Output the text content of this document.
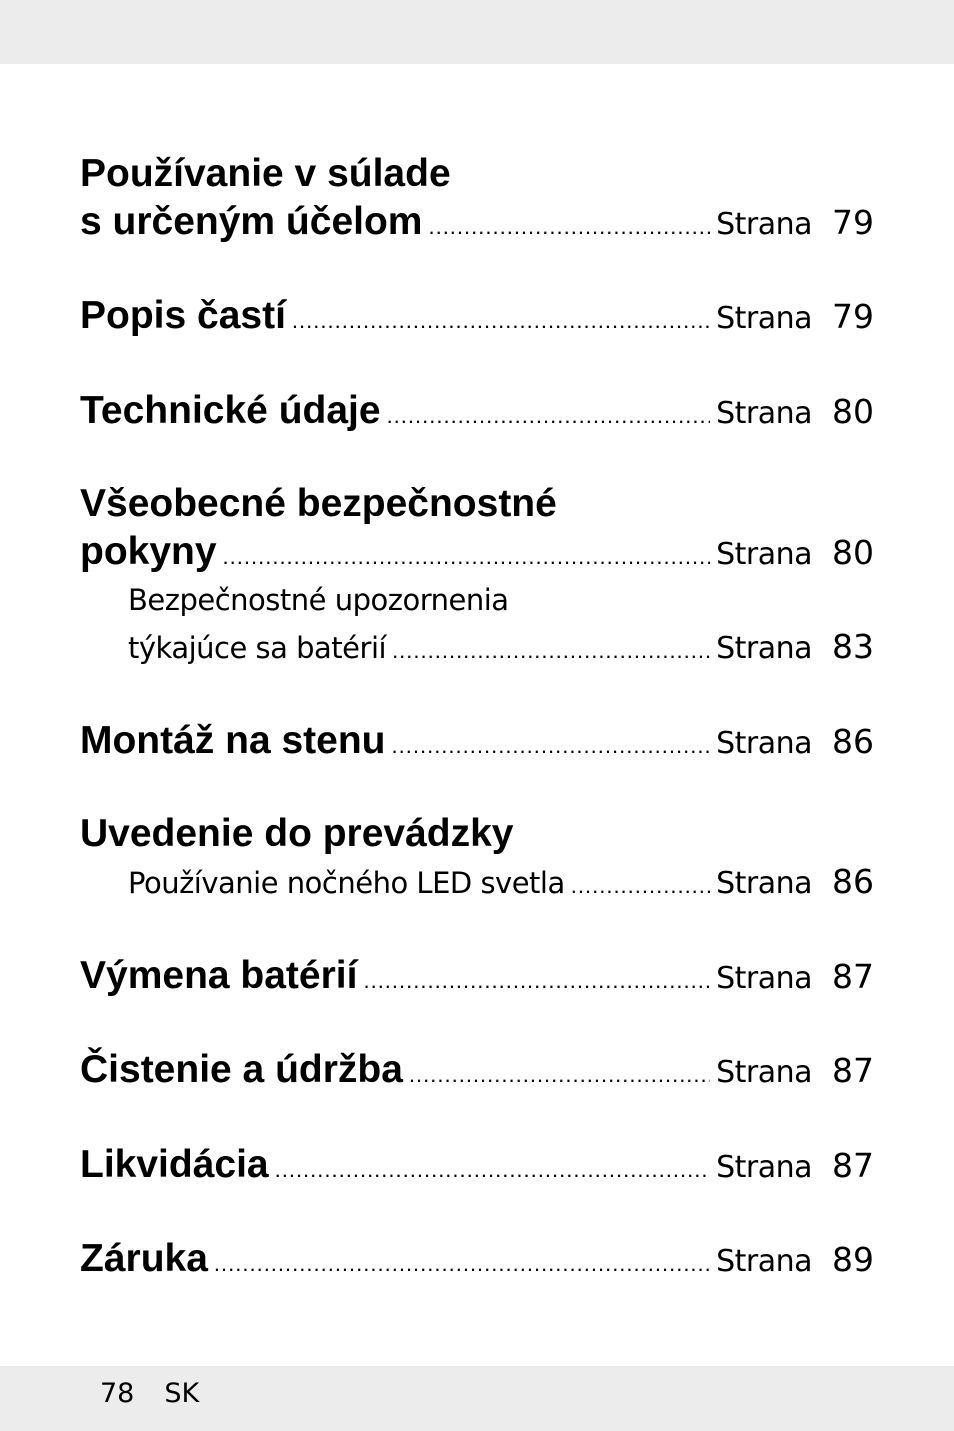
Používanie v súlade
s určeným účelom .....	Strana 79
Popis častí .....	Strana 79
Technické údaje .....	Strana 80
Všeobecné bezpečnostné
pokyny .....	Strana 80
Bezpečnostné upozornenia
týkajúce sa batérií .....	Strana 83
Montáž na stenu .....	Strana 86
Uvedenie do prevádzky
Používanie nočného LED svetla .....	Strana 86
Výmena batérií .....	Strana 87
Čistenie a údržba .....	Strana 87
Likvidácia .....	Strana 87
Záruka .....	Strana 89
78 SK
